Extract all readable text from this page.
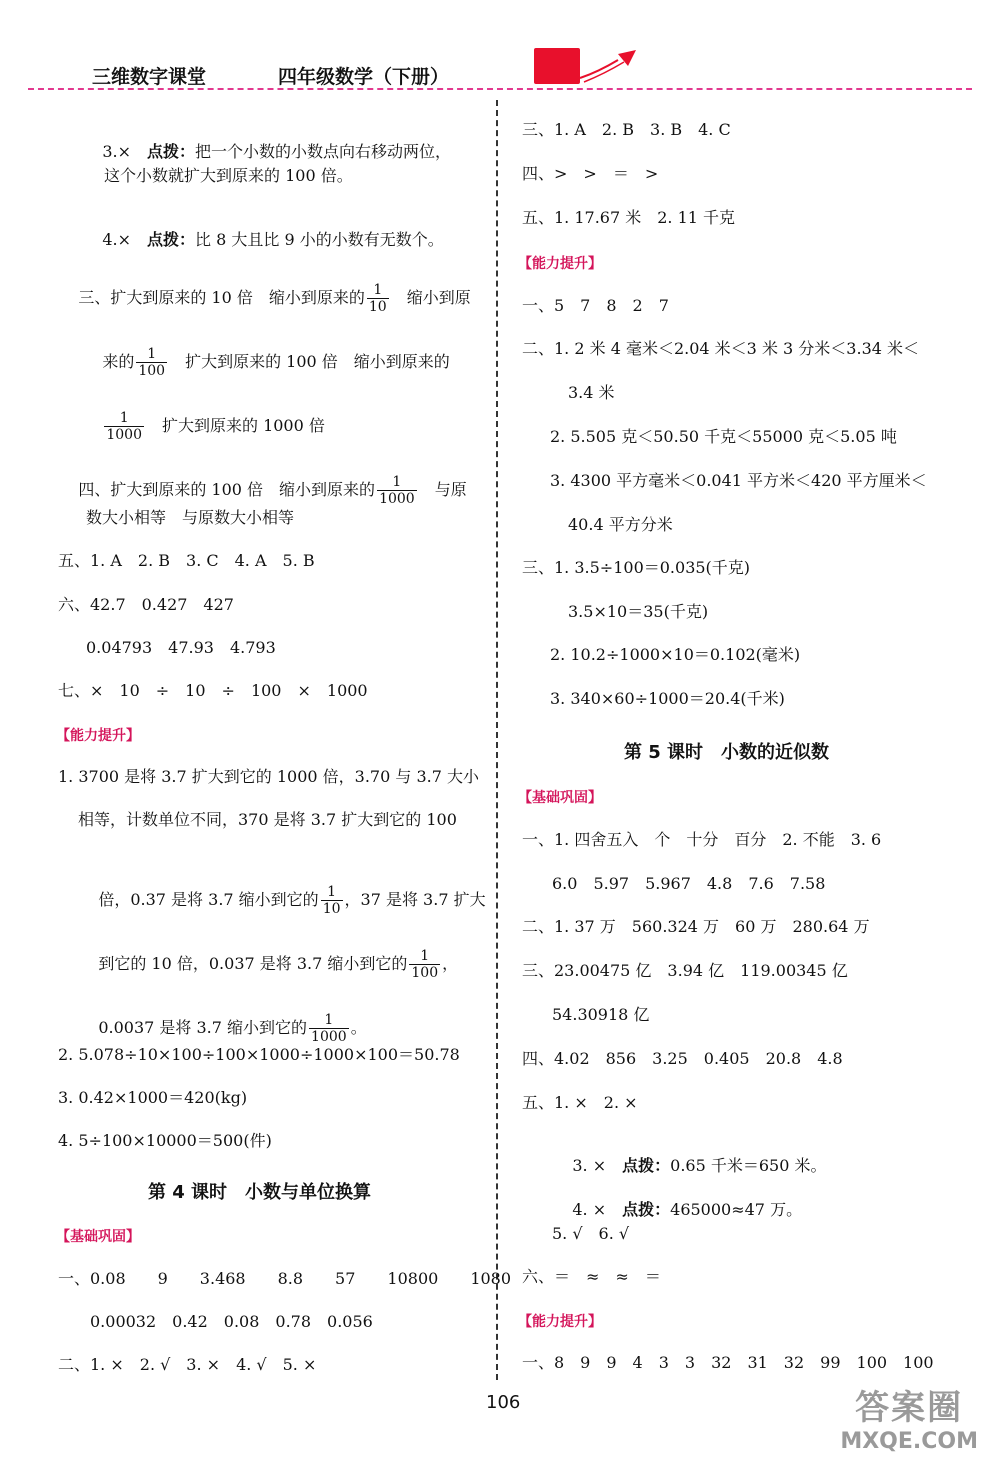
三维数字课堂	四年级数学（下册）

3.×　 点拨：把一个小数的小数点向右移动两位，

这个小数就扩大到原来的 100 倍。

4.×　 点拨：比 8 大且比 9 小的小数有无数个。

三、扩大到原来的 10 倍　缩小到原来的 $\frac{1}{10}$ 　缩小到原

来的 $\frac{1}{100}$ 　扩大到原来的 100 倍　缩小到原来的

$\frac{1}{1000}$ 　扩大到原来的 1000 倍

四、扩大到原来的 100 倍　缩小到原来的 $\frac{1}{1000}$ 　与原

数大小相等　与原数大小相等
五、1. A　2. B　3. C　4. A　5. B
六、42.7　0.427　427
0.04793　47.93　4.793
七、×　10　÷　10　÷　100　×　1000
【能力提升】
1. 3700 是将 3.7 扩大到它的 1000 倍，3.70 与 3.7 大小
相等，计数单位不同，370 是将 3.7 扩大到它的 100

倍，0.37 是将 3.7 缩小到它的 $\frac{1}{10}$ ，37 是将 3.7 扩大

到它的 10 倍，0.037 是将 3.7 缩小到它的 $\frac{1}{100}$ ，

0.0037 是将 3.7 缩小到它的 $\frac{1}{1000}$ 。

2. 5.078÷10×100÷100×1000÷1000×100＝50.78
3. 0.42×1000＝420(kg)
4. 5÷100×10000＝500(件)
第 4 课时　小数与单位换算
【基础巩固】
一、0.08　　9　　3.468　　8.8　　57　　10800　　1080
0.00032　0.42　0.08　0.78　0.056
二、1. ×　2. √　3. ×　4. √　5. ×
三、1. A　2. B　3. B　4. C
四、>　>　＝　>
五、1. 17.67 米　2. 11 千克
【能力提升】
一、5　7　8　2　7
二、1. 2 米 4 毫米＜2.04 米＜3 米 3 分米＜3.34 米＜
3.4 米
2. 5.505 克＜50.50 千克＜55000 克＜5.05 吨
3. 4300 平方毫米＜0.041 平方米＜420 平方厘米＜
40.4 平方分米
三、1. 3.5÷100＝0.035(千克)
3.5×10＝35(千克)
2. 10.2÷1000×10＝0.102(毫米)
3. 340×60÷1000＝20.4(千米)
第 5 课时　小数的近似数
【基础巩固】
一、1. 四舍五入　个　十分　百分　2. 不能　3. 6
6.0　5.97　5.967　4.8　7.6　7.58
二、1. 37 万　560.324 万　60 万　280.64 万
三、23.00475 亿　3.94 亿　119.00345 亿
54.30918 亿
四、4.02　856　3.25　0.405　20.8　4.8
五、1. ×　2. ×

3. ×　 点拨：0.65 千米＝650 米。

4. ×　 点拨：465000≈47 万。

5. √　6. √
六、＝　≈　≈　＝
【能力提升】
一、8　9　9　4　3　3　32　31　32　99　100　100
106	答案圈
MXQE.COM
